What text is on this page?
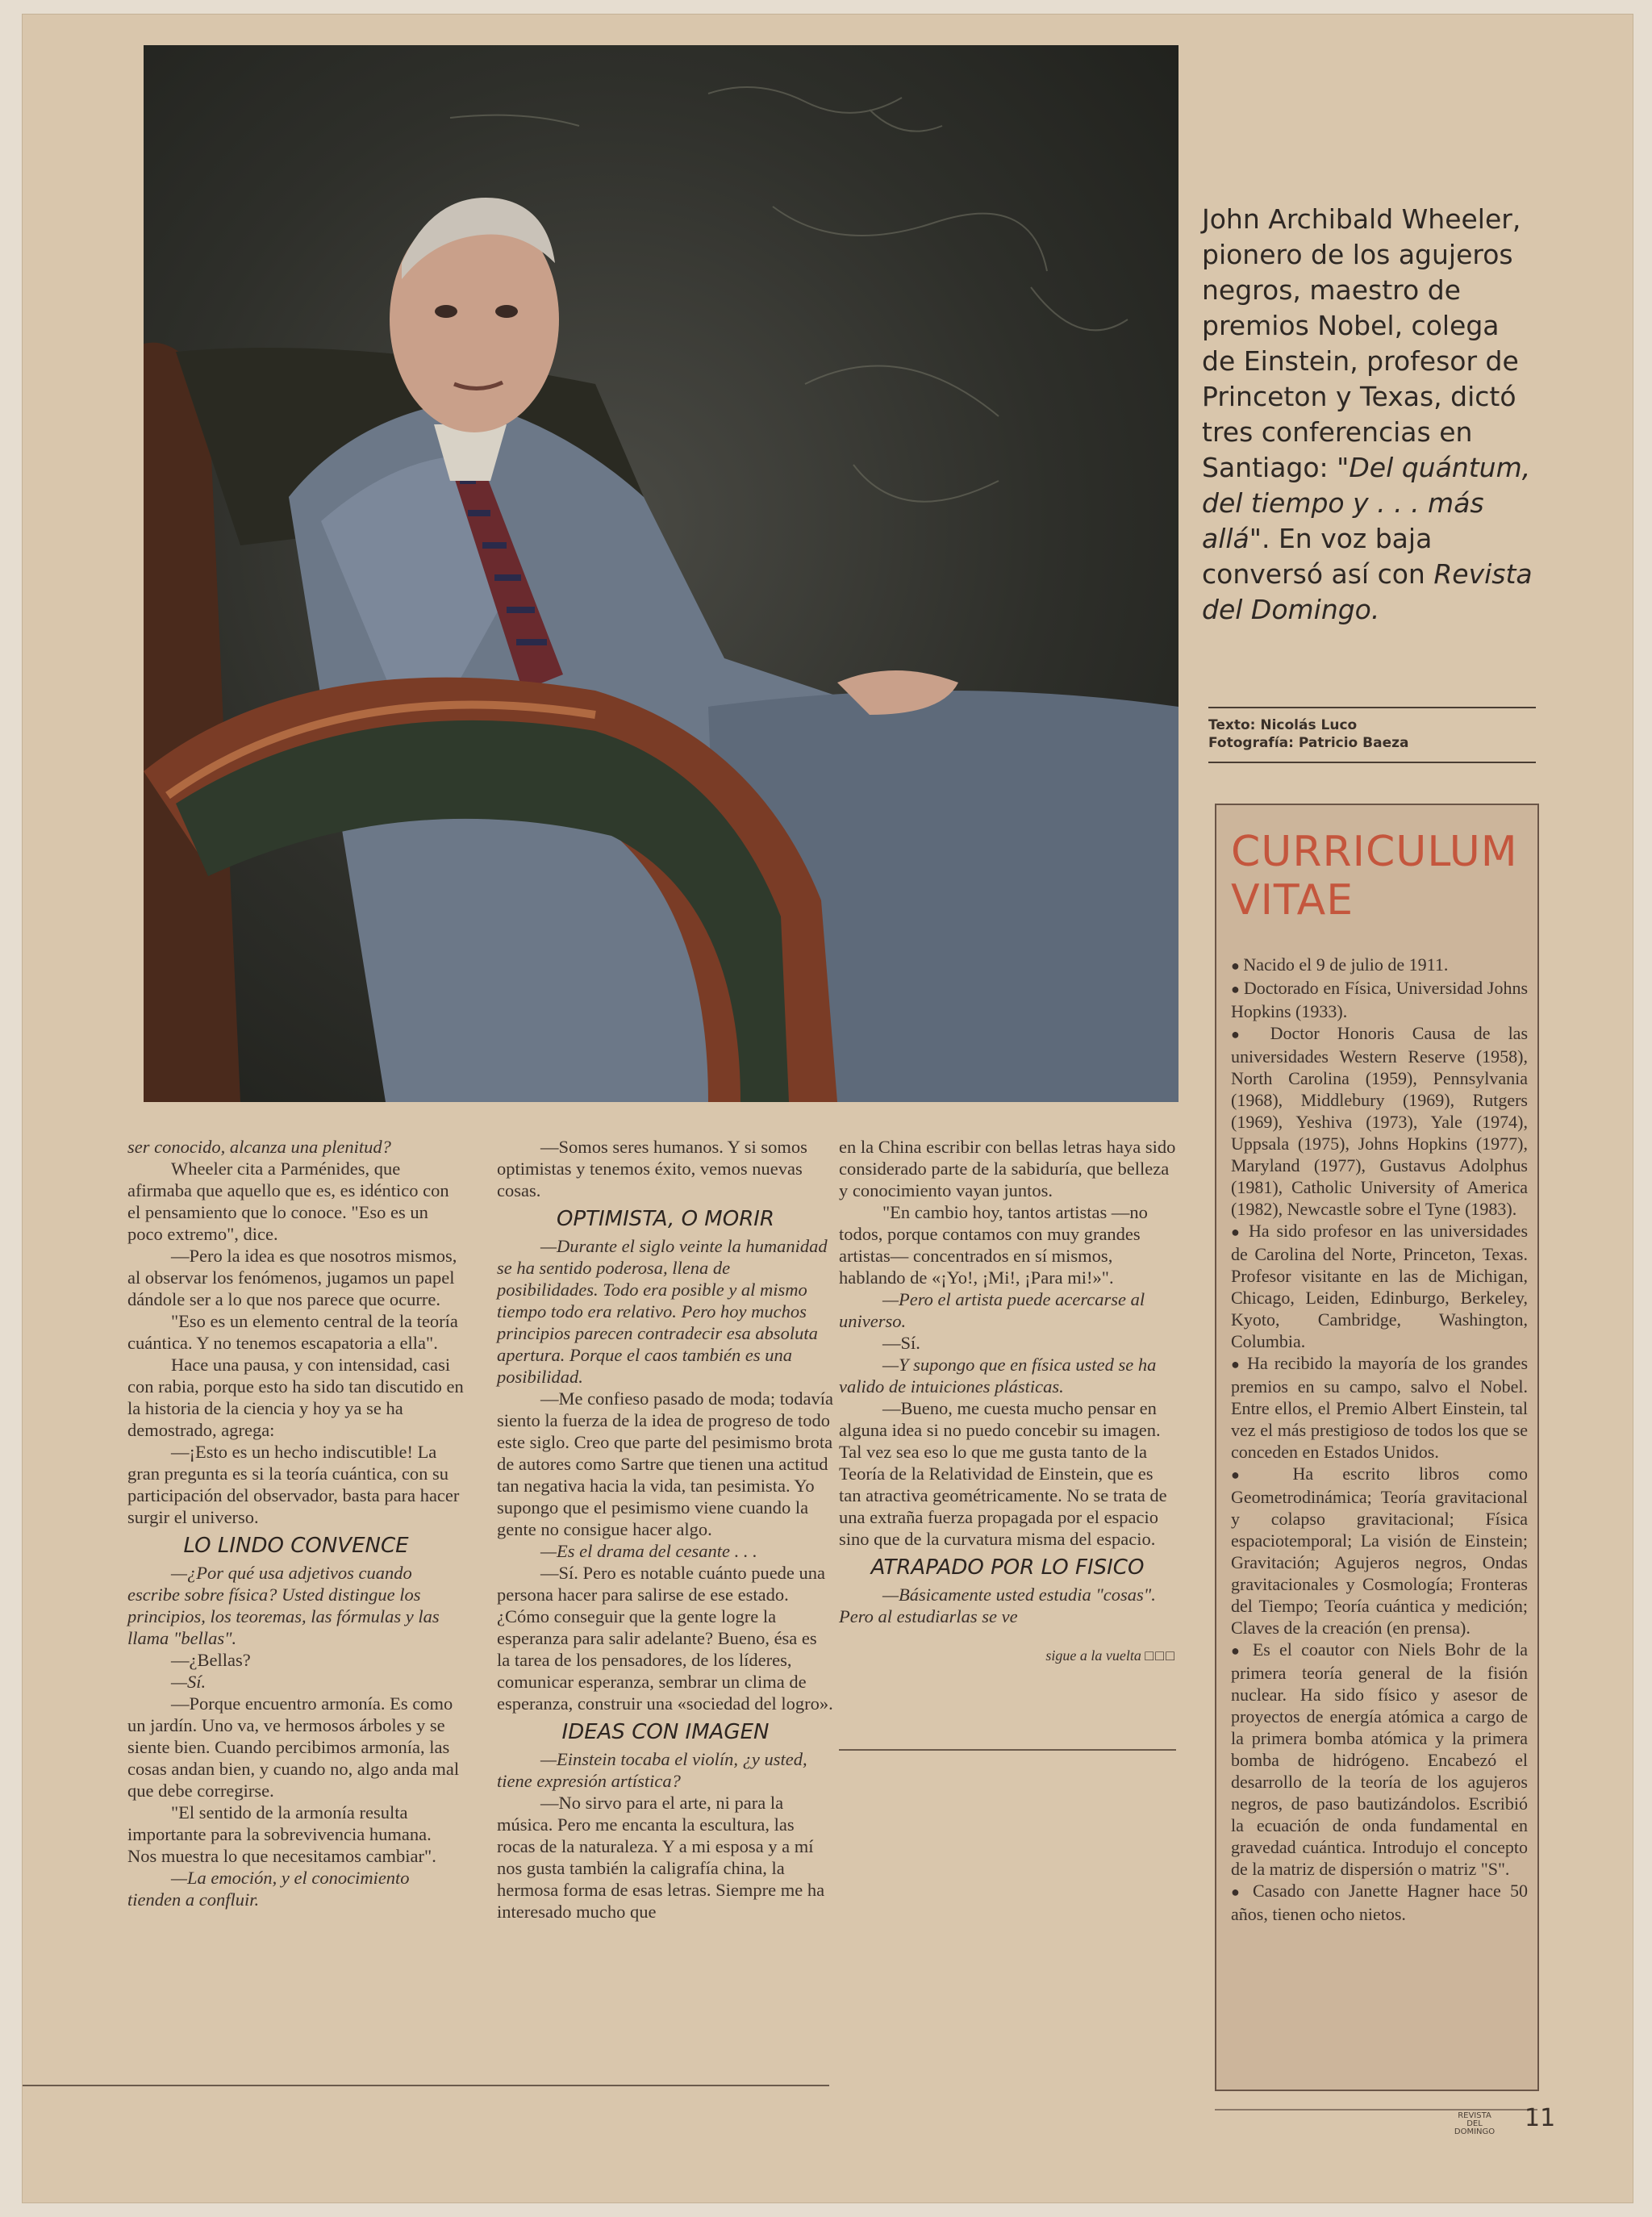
John Archibald Wheeler, pionero de los agujeros negros, maestro de premios Nobel, colega de Einstein, profesor de Princeton y Texas, dictó tres conferencias en Santiago: "Del quántum, del tiempo y . . . más allá". En voz baja conversó así con Revista del Domingo.

Texto: Nicolás Luco
Fotografía: Patricio Baeza
CURRICULUM VITAE
● Nacido el 9 de julio de 1911.
● Doctorado en Física, Universidad Johns Hopkins (1933).
● Doctor Honoris Causa de las universidades Western Reserve (1958), North Carolina (1959), Pennsylvania (1968), Middlebury (1969), Rutgers (1969), Yeshiva (1973), Yale (1974), Uppsala (1975), Johns Hopkins (1977), Maryland (1977), Gustavus Adolphus (1981), Catholic University of America (1982), Newcastle sobre el Tyne (1983).
● Ha sido profesor en las universidades de Carolina del Norte, Princeton, Texas. Profesor visitante en las de Michigan, Chicago, Leiden, Edinburgo, Berkeley, Kyoto, Cambridge, Washington, Columbia.
● Ha recibido la mayoría de los grandes premios en su campo, salvo el Nobel. Entre ellos, el Premio Albert Einstein, tal vez el más prestigioso de todos los que se conceden en Estados Unidos.
● Ha escrito libros como Geometrodinámica; Teoría gravitacional y colapso gravitacional; Física espaciotemporal; La visión de Einstein; Gravitación; Agujeros negros, Ondas gravitacionales y Cosmología; Fronteras del Tiempo; Teoría cuántica y medición; Claves de la creación (en prensa).
● Es el coautor con Niels Bohr de la primera teoría general de la fisión nuclear. Ha sido físico y asesor de proyectos de energía atómica a cargo de la primera bomba atómica y la primera bomba de hidrógeno. Encabezó el desarrollo de la teoría de los agujeros negros, de paso bautizándolos. Escribió la ecuación de onda fundamental en gravedad cuántica. Introdujo el concepto de la matriz de dispersión o matriz "S".
● Casado con Janette Hagner hace 50 años, tienen ocho nietos.

ser conocido, alcanza una plenitud?

Wheeler cita a Parménides, que afirmaba que aquello que es, es idéntico con el pensamiento que lo conoce. "Eso es un poco extremo", dice.

—Pero la idea es que nosotros mismos, al observar los fenómenos, jugamos un papel dándole ser a lo que nos parece que ocurre.

"Eso es un elemento central de la teoría cuántica. Y no tenemos escapatoria a ella".

Hace una pausa, y con intensidad, casi con rabia, porque esto ha sido tan discutido en la historia de la ciencia y hoy ya se ha demostrado, agrega:

—¡Esto es un hecho indiscutible! La gran pregunta es si la teoría cuántica, con su participación del observador, basta para hacer surgir el universo.

LO LINDO CONVENCE

—¿Por qué usa adjetivos cuando escribe sobre física? Usted distingue los principios, los teoremas, las fórmulas y las llama "bellas".

—¿Bellas?

—Sí.

—Porque encuentro armonía. Es como un jardín. Uno va, ve hermosos árboles y se siente bien. Cuando percibimos armonía, las cosas andan bien, y cuando no, algo anda mal que debe corregirse.

"El sentido de la armonía resulta importante para la sobrevivencia humana. Nos muestra lo que necesitamos cambiar".

—La emoción, y el conocimiento tienden a confluir.

—Somos seres humanos. Y si somos optimistas y tenemos éxito, vemos nuevas cosas.

OPTIMISTA, O MORIR

—Durante el siglo veinte la humanidad se ha sentido poderosa, llena de posibilidades. Todo era posible y al mismo tiempo todo era relativo. Pero hoy muchos principios parecen contradecir esa absoluta apertura. Porque el caos también es una posibilidad.

—Me confieso pasado de moda; todavía siento la fuerza de la idea de progreso de todo este siglo. Creo que parte del pesimismo brota de autores como Sartre que tienen una actitud tan negativa hacia la vida, tan pesimista. Yo supongo que el pesimismo viene cuando la gente no consigue hacer algo.

—Es el drama del cesante . . .

—Sí. Pero es notable cuánto puede una persona hacer para salirse de ese estado. ¿Cómo conseguir que la gente logre la esperanza para salir adelante? Bueno, ésa es la tarea de los pensadores, de los líderes, comunicar esperanza, sembrar un clima de esperanza, construir una «sociedad del logro».

IDEAS CON IMAGEN

—Einstein tocaba el violín, ¿y usted, tiene expresión artística?

—No sirvo para el arte, ni para la música. Pero me encanta la escultura, las rocas de la naturaleza. Y a mi esposa y a mí nos gusta también la caligrafía china, la hermosa forma de esas letras. Siempre me ha interesado mucho que

en la China escribir con bellas letras haya sido considerado parte de la sabiduría, que belleza y conocimiento vayan juntos.

"En cambio hoy, tantos artistas —no todos, porque contamos con muy grandes artistas— concentrados en sí mismos, hablando de «¡Yo!, ¡Mi!, ¡Para mi!»".

—Pero el artista puede acercarse al universo.

—Sí.

—Y supongo que en física usted se ha valido de intuiciones plásticas.

—Bueno, me cuesta mucho pensar en alguna idea si no puedo concebir su imagen. Tal vez sea eso lo que me gusta tanto de la Teoría de la Relatividad de Einstein, que es tan atractiva geométricamente. No se trata de una extraña fuerza propagada por el espacio sino que de la curvatura misma del espacio.

ATRAPADO POR LO FISICO

—Básicamente usted estudia "cosas". Pero al estudiarlas se ve

sigue a la vuelta □□□
REVISTA DEL DOMINGO 11
